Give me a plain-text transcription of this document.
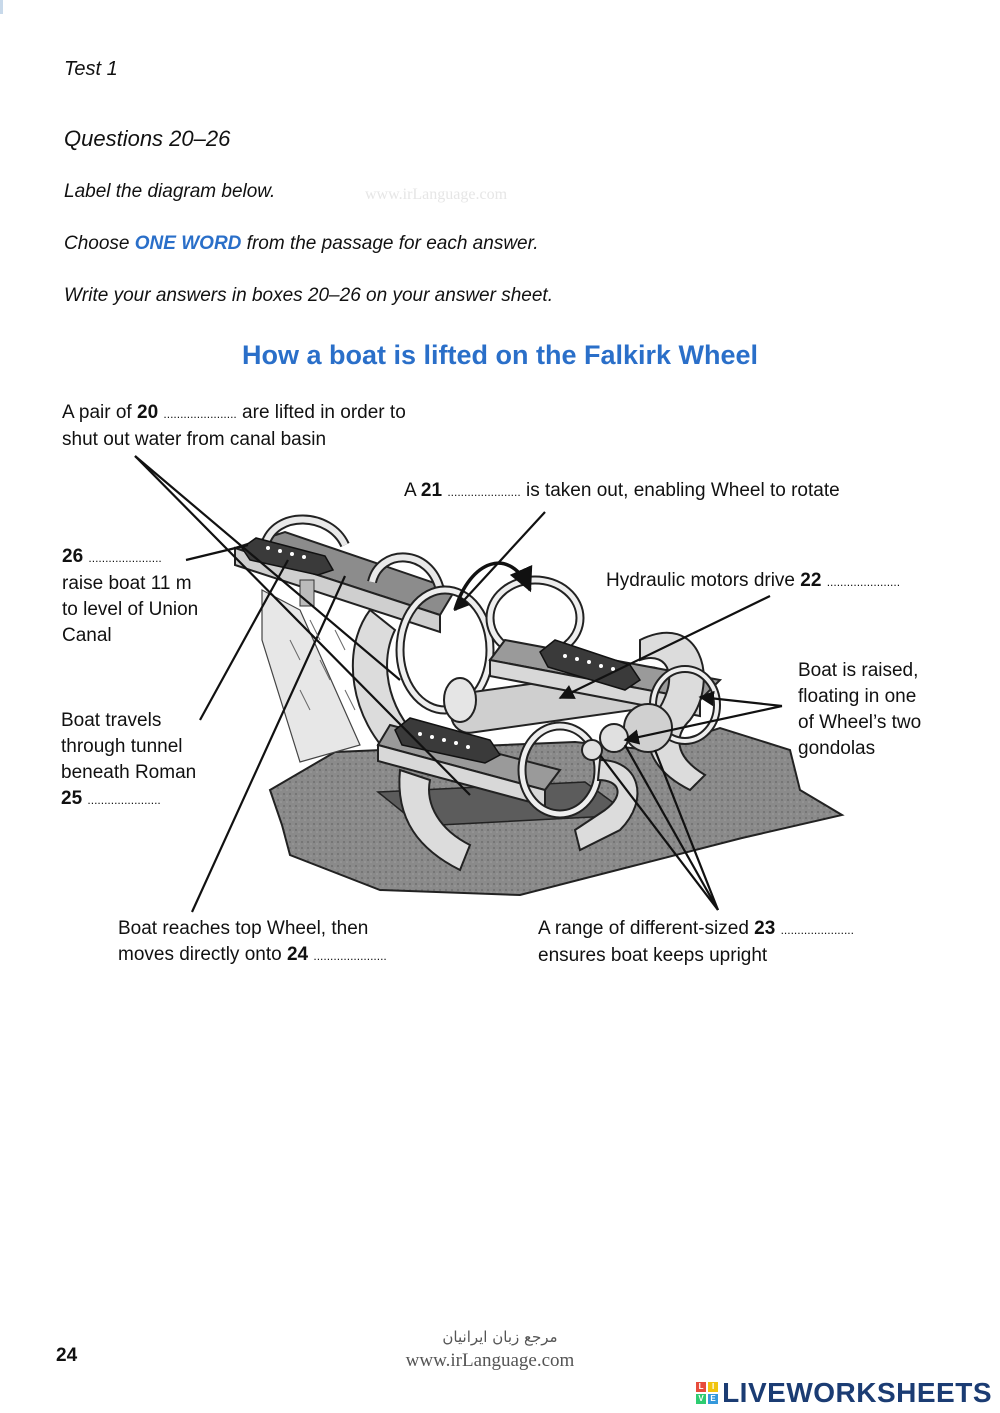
Test 1
Questions 20–26
Label the diagram below.	www.irLanguage.com
Choose ONE WORD from the passage for each answer.
Write your answers in boxes 20–26 on your answer sheet.
How a boat is lifted on the Falkirk Wheel
A pair of 20 ...................... are lifted in order to
shut out water from canal basin
A 21 ...................... is taken out, enabling Wheel to rotate
Hydraulic motors drive 22 ......................
26 ......................
raise boat 11 m
to level of Union
Canal
Boat is raised,
floating in one
of Wheel’s two
gondolas
Boat travels
through tunnel
beneath Roman
25 ......................
Boat reaches top Wheel, then
moves directly onto 24 ......................
A range of different-sized 23 ......................
ensures boat keeps upright
24
مرجع زبان ایرانیان
www.irLanguage.com
L	I
V E LIVEWORKSHEETS
